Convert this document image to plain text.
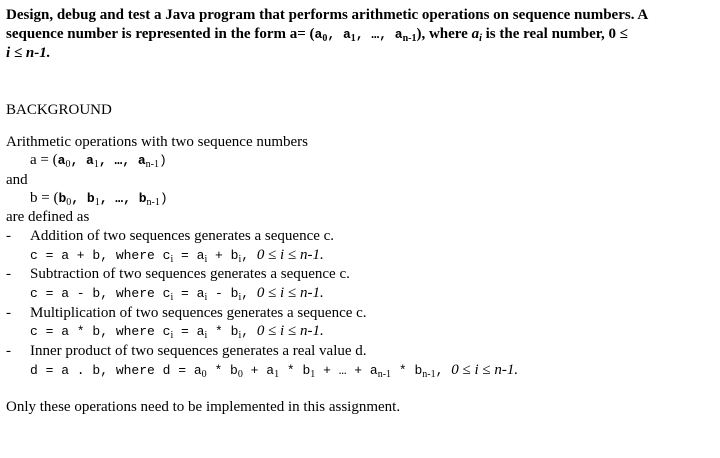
Design, debug and test a Java program that performs arithmetic operations on sequence numbers. A
sequence number is represented in the form $a= (a_0$, $a_1$, …, $a_{n-1}$), where $a_i$ is the real number, 0 ≤
i ≤ n-1.
BACKGROUND
Arithmetic operations with two sequence numbers
$a = (a_0$, $a_1$, …, $a_{n-1}$)
and
$b = (b_0$, $b_1$, …, $b_{n-1}$)
are defined as
- Addition of two sequences generates a sequence c.
c = a + b, where $c_i = a_i + b_i$, 0 ≤ i ≤ n-1.
- Subtraction of two sequences generates a sequence c.
c = a - b, where $c_i = a_i - b_i$, 0 ≤ i ≤ n-1.
- Multiplication of two sequences generates a sequence c.
c = a * b, where $c_i = a_i * b_i$, 0 ≤ i ≤ n-1.
- Inner product of two sequences generates a real value d.
d = a . b, where $d = a_0 * b_0 + a_1 * b_1$ + … + $a_{n-1} * b_{n-1}$, 0 ≤ i ≤ n-1.
Only these operations need to be implemented in this assignment.
